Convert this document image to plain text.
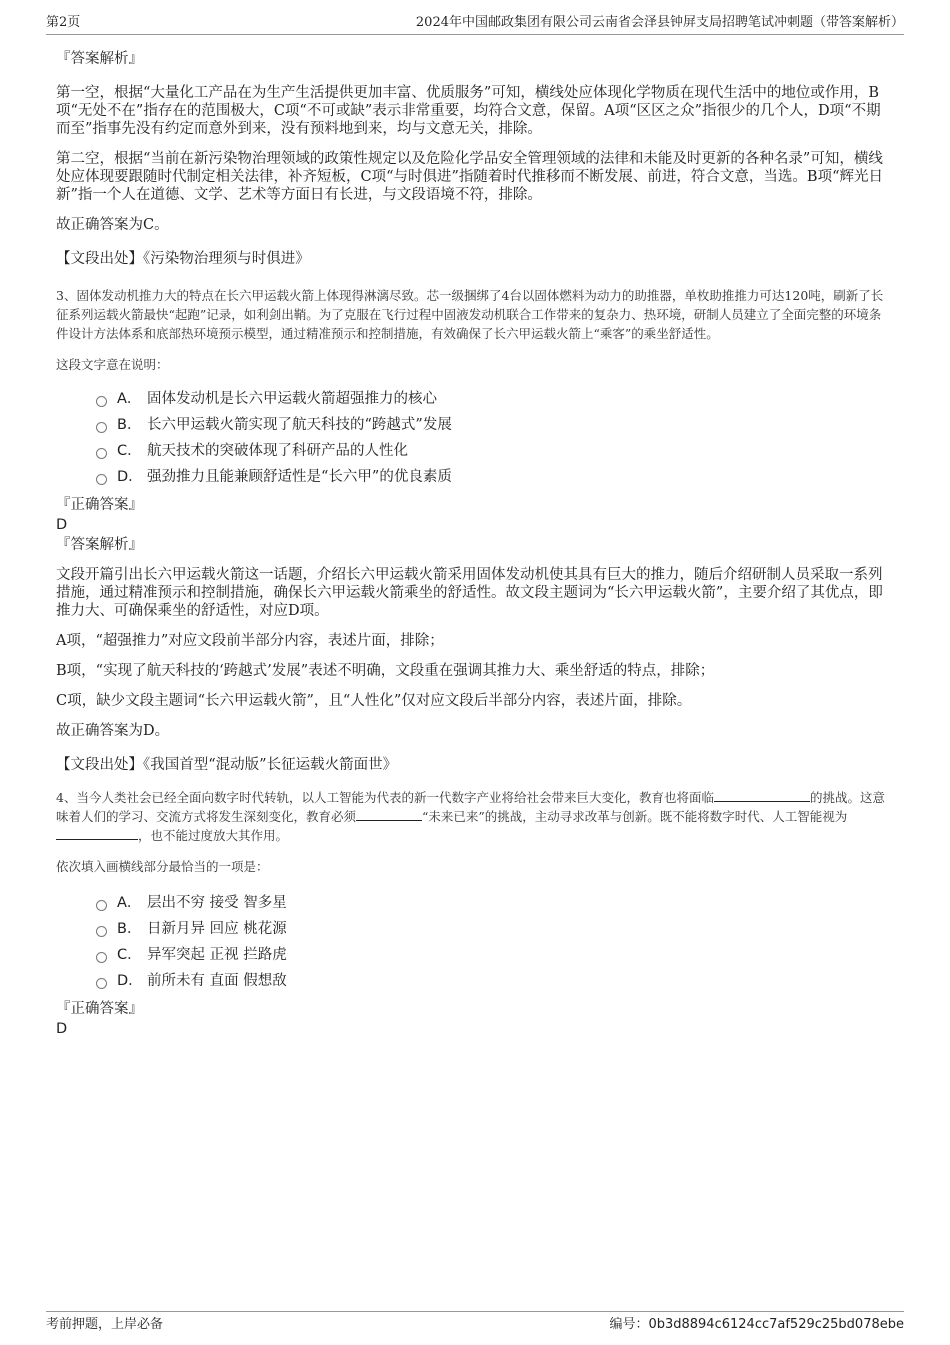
第2页	2024年中国邮政集团有限公司云南省会泽县钟屏支局招聘笔试冲刺题（带答案解析）

『答案解析』

第一空，根据“大量化工产品在为生产生活提供更加丰富、优质服务”可知，横线处应体现化学物质在现代生活中的地位或作用，B项“无处不在”指存在的范围极大，C项“不可或缺”表示非常重要，均符合文意，保留。A项“区区之众”指很少的几个人，D项“不期而至”指事先没有约定而意外到来，没有预料地到来，均与文意无关，排除。

第二空，根据“当前在新污染物治理领域的政策性规定以及危险化学品安全管理领域的法律和未能及时更新的各种名录”可知，横线处应体现要跟随时代制定相关法律，补齐短板，C项“与时俱进”指随着时代推移而不断发展、前进，符合文意，当选。B项“辉光日新”指一个人在道德、文学、艺术等方面日有长进，与文段语境不符，排除。

故正确答案为C。

【文段出处】《污染物治理须与时俱进》

3、固体发动机推力大的特点在长六甲运载火箭上体现得淋漓尽致。芯一级捆绑了4台以固体燃料为动力的助推器，单枚助推推力可达120吨，刷新了长征系列运载火箭最快“起跑”记录，如利剑出鞘。为了克服在飞行过程中固液发动机联合工作带来的复杂力、热环境，研制人员建立了全面完整的环境条件设计方法体系和底部热环境预示模型，通过精准预示和控制措施，有效确保了长六甲运载火箭上“乘客”的乘坐舒适性。

这段文字意在说明：

A． 固体发动机是长六甲运载火箭超强推力的核心
B． 长六甲运载火箭实现了航天科技的“跨越式”发展
C． 航天技术的突破体现了科研产品的人性化
D． 强劲推力且能兼顾舒适性是“长六甲”的优良素质

『正确答案』

D

『答案解析』

文段开篇引出长六甲运载火箭这一话题，介绍长六甲运载火箭采用固体发动机使其具有巨大的推力，随后介绍研制人员采取一系列措施，通过精准预示和控制措施，确保长六甲运载火箭乘坐的舒适性。故文段主题词为“长六甲运载火箭”，主要介绍了其优点，即推力大、可确保乘坐的舒适性，对应D项。

A项，“超强推力”对应文段前半部分内容，表述片面，排除；

B项，“实现了航天科技的‘跨越式’发展”表述不明确，文段重在强调其推力大、乘坐舒适的特点，排除；

C项，缺少文段主题词“长六甲运载火箭”，且“人性化”仅对应文段后半部分内容，表述片面，排除。

故正确答案为D。

【文段出处】《我国首型“混动版”长征运载火箭面世》

4、当今人类社会已经全面向数字时代转轨，以人工智能为代表的新一代数字产业将给社会带来巨大变化，教育也将面临	的挑战。这意味着人们的学习、交流方式将发生深刻变化，教育必须	“未来已来”的挑战，主动寻求改革与创新。既不能将数字时代、人工智能视为，也不能过度放大其作用。

依次填入画横线部分最恰当的一项是：

A． 层出不穷 接受 智多星
B． 日新月异 回应 桃花源
C． 异军突起 正视 拦路虎
D． 前所未有 直面 假想敌

『正确答案』

D

考前押题，上岸必备	编号：0b3d8894c6124cc7af529c25bd078ebe
